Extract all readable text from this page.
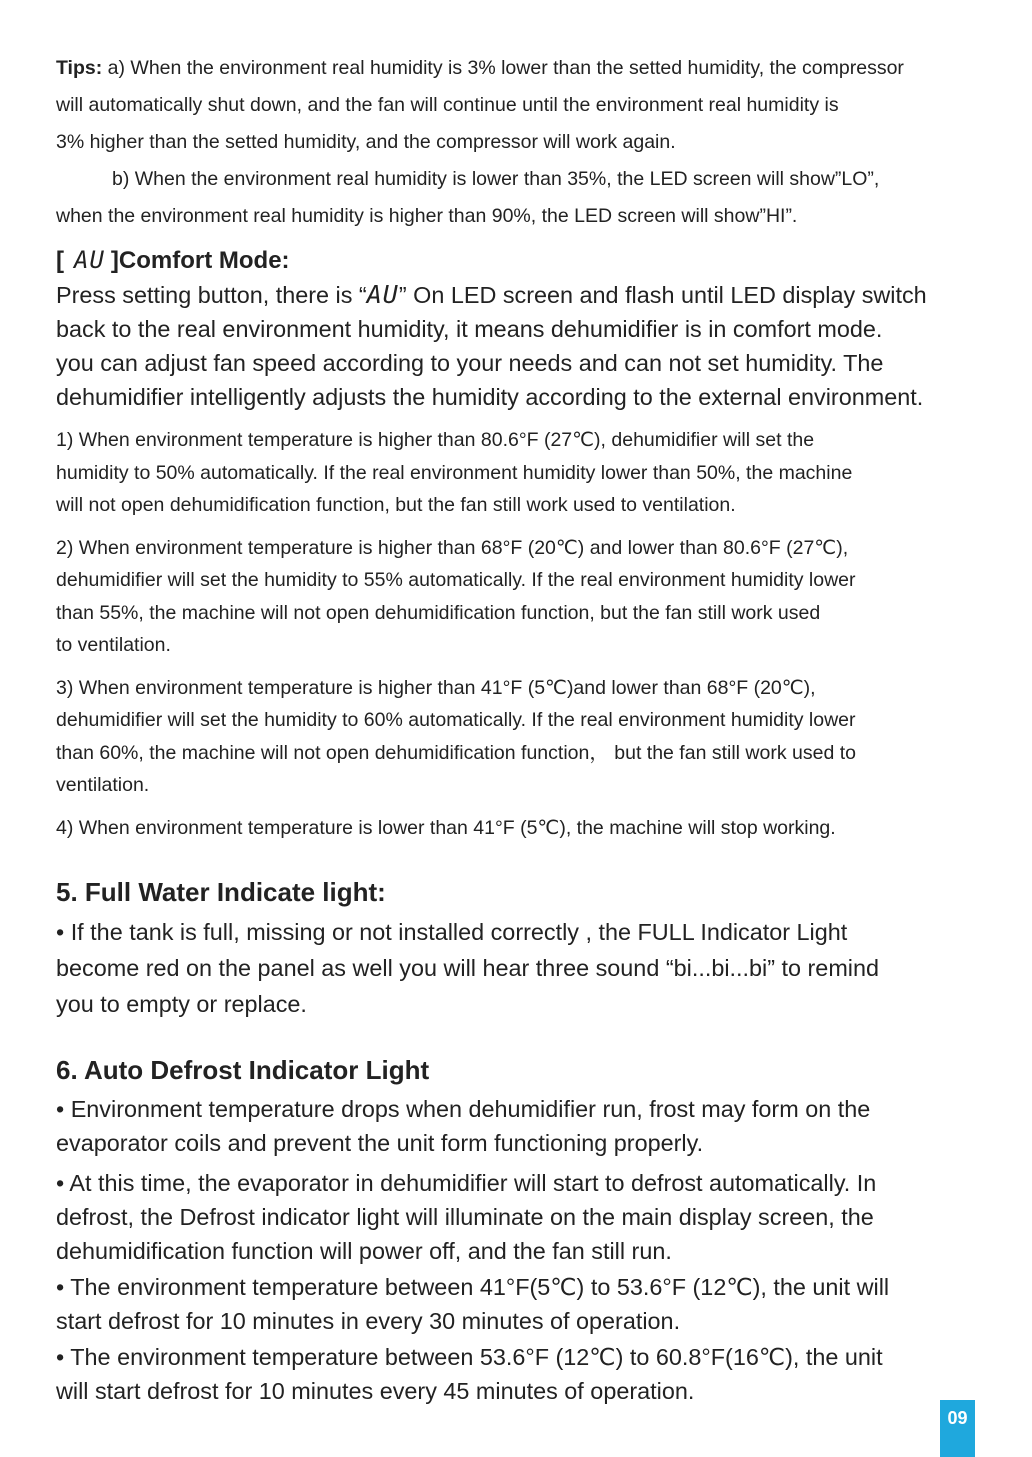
Tips: a) When the environment real humidity is 3% lower than the setted humidity, the compressor
will automatically shut down, and the fan will continue until the environment real humidity is
3% higher than the setted humidity, and the compressor will work again.

b) When the environment real humidity is lower than 35%, the LED screen will show”LO”,
when the environment real humidity is higher than 90%, the LED screen will show”HI”.

[ AU ]Comfort Mode:

Press setting button, there is “AU” On LED screen and flash until LED display switch
back to the real environment humidity, it means dehumidifier is in comfort mode.
you can adjust fan speed according to your needs and can not set humidity. The
dehumidifier intelligently adjusts the humidity according to the external environment.

1) When environment temperature is higher than 80.6°F (27℃), dehumidifier will set the
humidity to 50% automatically. If the real environment humidity lower than 50%, the machine
will not open dehumidification function, but the fan still work used to ventilation.

2) When environment temperature is higher than 68°F (20℃) and lower than 80.6°F (27℃),
dehumidifier will set the humidity to 55% automatically. If the real environment humidity lower
than 55%, the machine will not open dehumidification function, but the fan still work used
to ventilation.

3) When environment temperature is higher than 41°F (5℃)and lower than 68°F (20℃),
dehumidifier will set the humidity to 60% automatically. If the real environment humidity lower
than 60%, the machine will not open dehumidification function， but the fan still work used to
ventilation.

4) When environment temperature is lower than 41°F (5℃), the machine will stop working.

5. Full Water Indicate light:

• If the tank is full, missing or not installed correctly , the FULL Indicator Light
become red on the panel as well you will hear three sound “bi...bi...bi” to remind
you to empty or replace.

6. Auto Defrost Indicator Light

• Environment temperature drops when dehumidifier run, frost may form on the
evaporator coils and prevent the unit form functioning properly.

• At this time, the evaporator in dehumidifier will start to defrost automatically. In
defrost, the Defrost indicator light will illuminate on the main display screen, the
dehumidification function will power off, and the fan still run.

• The environment temperature between 41°F(5℃) to 53.6°F (12℃), the unit will
start defrost for 10 minutes in every 30 minutes of operation.

• The environment temperature between 53.6°F (12℃) to 60.8°F(16℃), the unit
will start defrost for 10 minutes every 45 minutes of operation.

09
